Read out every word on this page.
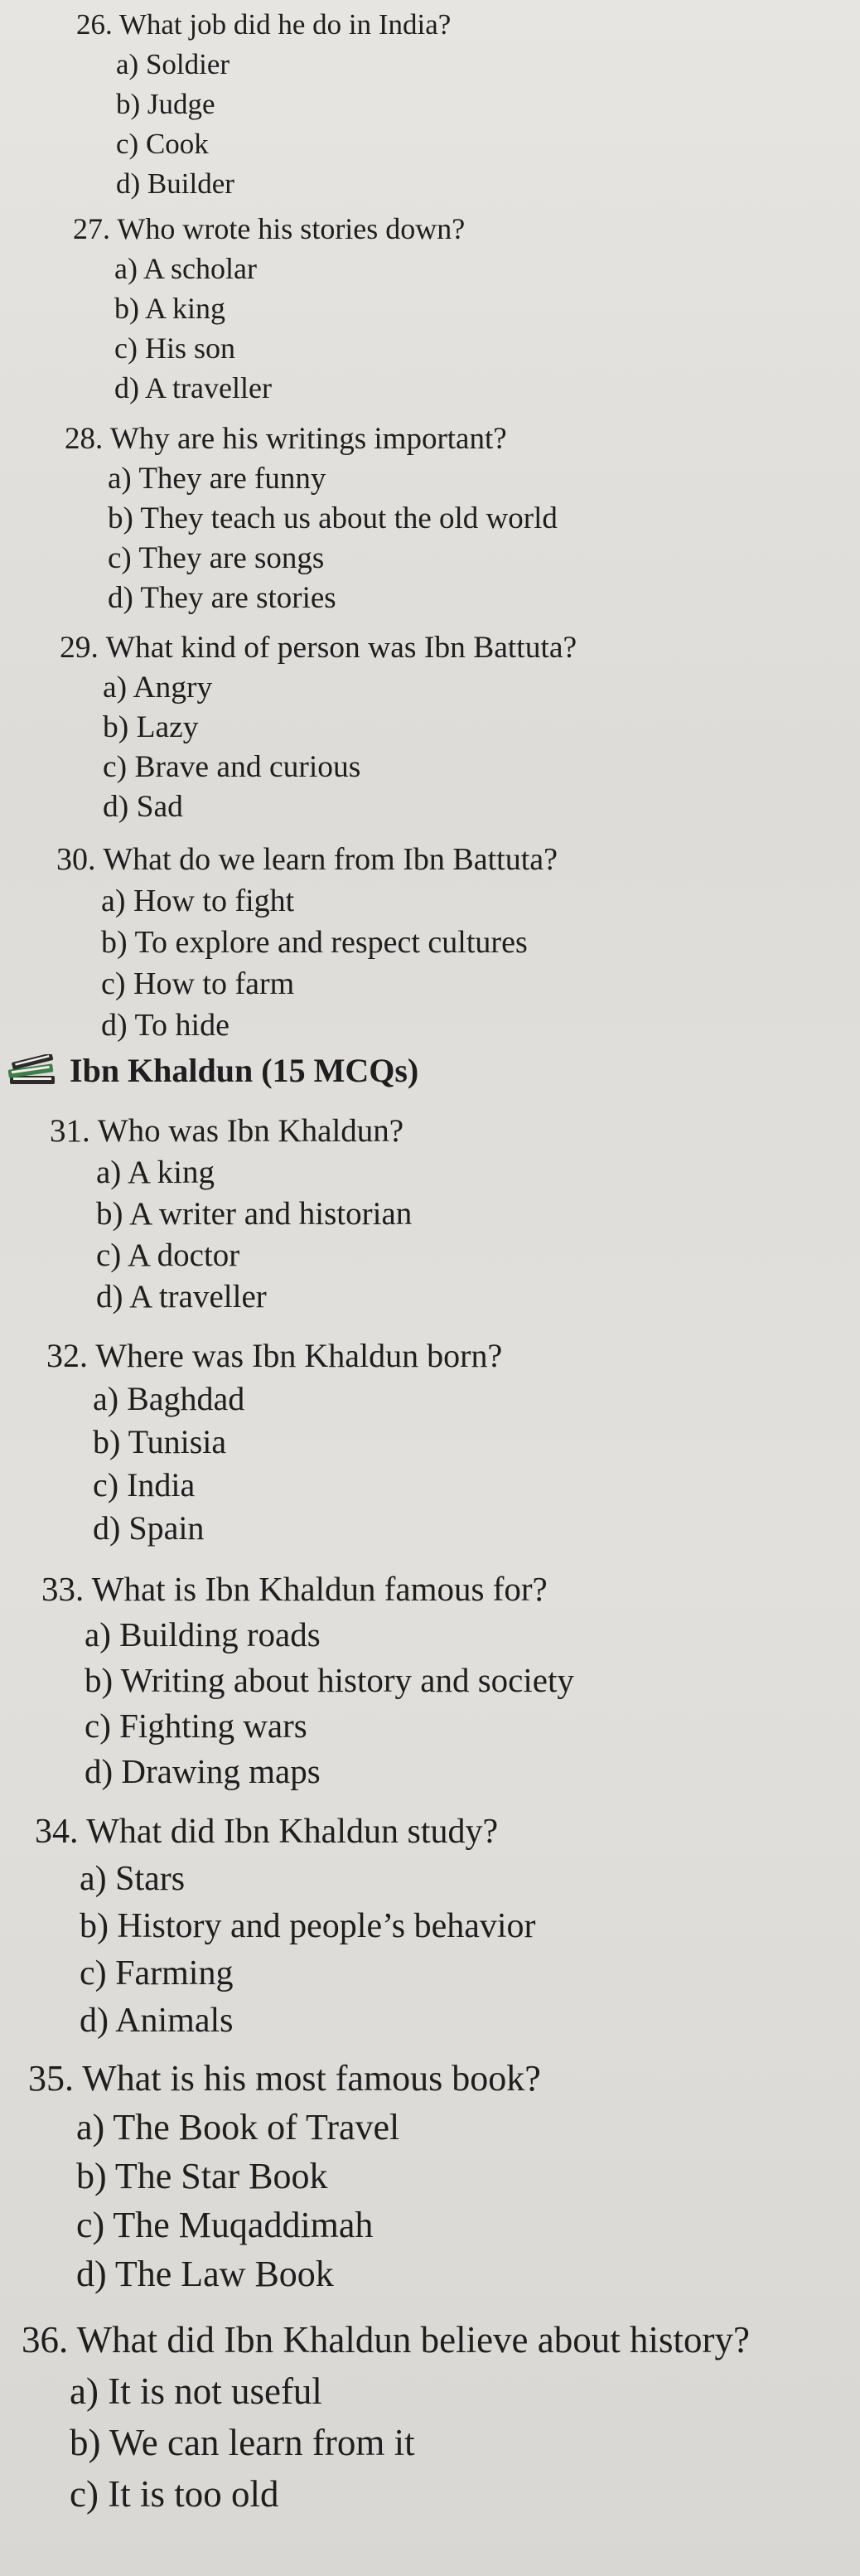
26. What job did he do in India?
a) Soldier
b) Judge
c) Cook
d) Builder
27. Who wrote his stories down?
a) A scholar
b) A king
c) His son
d) A traveller
28. Why are his writings important?
a) They are funny
b) They teach us about the old world
c) They are songs
d) They are stories
29. What kind of person was Ibn Battuta?
a) Angry
b) Lazy
c) Brave and curious
d) Sad
30. What do we learn from Ibn Battuta?
a) How to fight
b) To explore and respect cultures
c) How to farm
d) To hide
Ibn Khaldun (15 MCQs)
31. Who was Ibn Khaldun?
a) A king
b) A writer and historian
c) A doctor
d) A traveller
32. Where was Ibn Khaldun born?
a) Baghdad
b) Tunisia
c) India
d) Spain
33. What is Ibn Khaldun famous for?
a) Building roads
b) Writing about history and society
c) Fighting wars
d) Drawing maps
34. What did Ibn Khaldun study?
a) Stars
b) History and people’s behavior
c) Farming
d) Animals
35. What is his most famous book?
a) The Book of Travel
b) The Star Book
c) The Muqaddimah
d) The Law Book
36. What did Ibn Khaldun believe about history?
a) It is not useful
b) We can learn from it
c) It is too old
